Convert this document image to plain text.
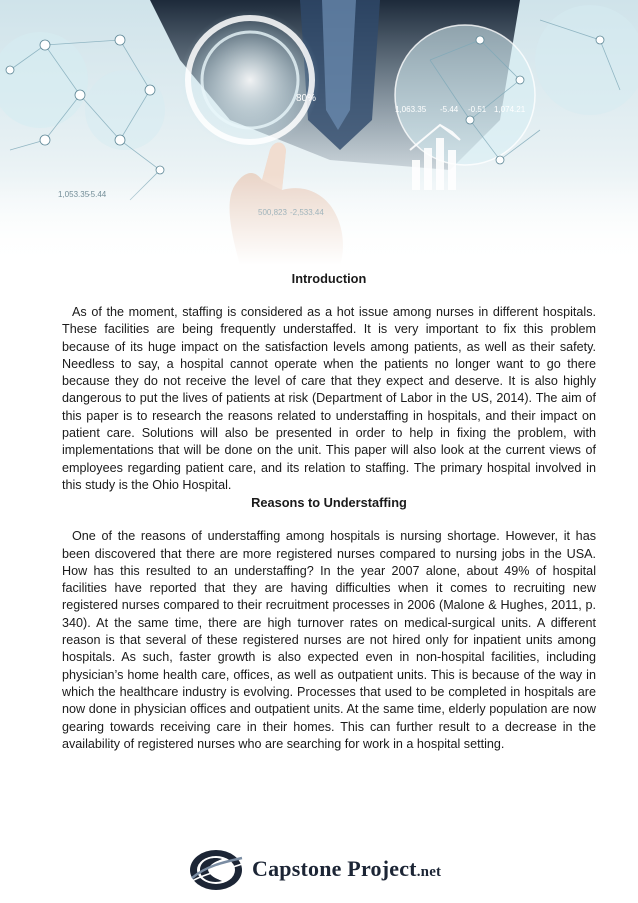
80%
1,063.35 -5.44 -0.51 1,074.21

Introduction

As of the moment, staffing is considered as a hot issue among nurses in different hospitals. These facilities are being frequently understaffed. It is very important to fix this problem because of its huge impact on the satisfaction levels among patients, as well as their safety. Needless to say, a hospital cannot operate when the patients no longer want to go there because they do not receive the level of care that they expect and deserve. It is also highly dangerous to put the lives of patients at risk (Department of Labor in the US, 2014). The aim of this paper is to research the reasons related to understaffing in hospitals, and their impact on patient care. Solutions will also be presented in order to help in fixing the problem, with implementations that will be done on the unit. This paper will also look at the current views of employees regarding patient care, and its relation to staffing. The primary hospital involved in this study is the Ohio Hospital.

Reasons to Understaffing

One of the reasons of understaffing among hospitals is nursing shortage. However, it has been discovered that there are more registered nurses compared to nursing jobs in the USA. How has this resulted to an understaffing? In the year 2007 alone, about 49% of hospital facilities have reported that they are having difficulties when it comes to recruiting new registered nurses compared to their recruitment processes in 2006 (Malone & Hughes, 2011, p. 340). At the same time, there are high turnover rates on medical-surgical units. A different reason is that several of these registered nurses are not hired only for inpatient units among hospitals. As such, faster growth is also expected even in non-hospital facilities, including physician’s home health care, offices, as well as outpatient units. This is because of the way in which the healthcare industry is evolving. Processes that used to be completed in hospitals are now done in physician offices and outpatient units. At the same time, elderly population are now gearing towards receiving care in their homes. This can further result to a decrease in the availability of registered nurses who are searching for work in a hospital setting.

Capstone Project.net
